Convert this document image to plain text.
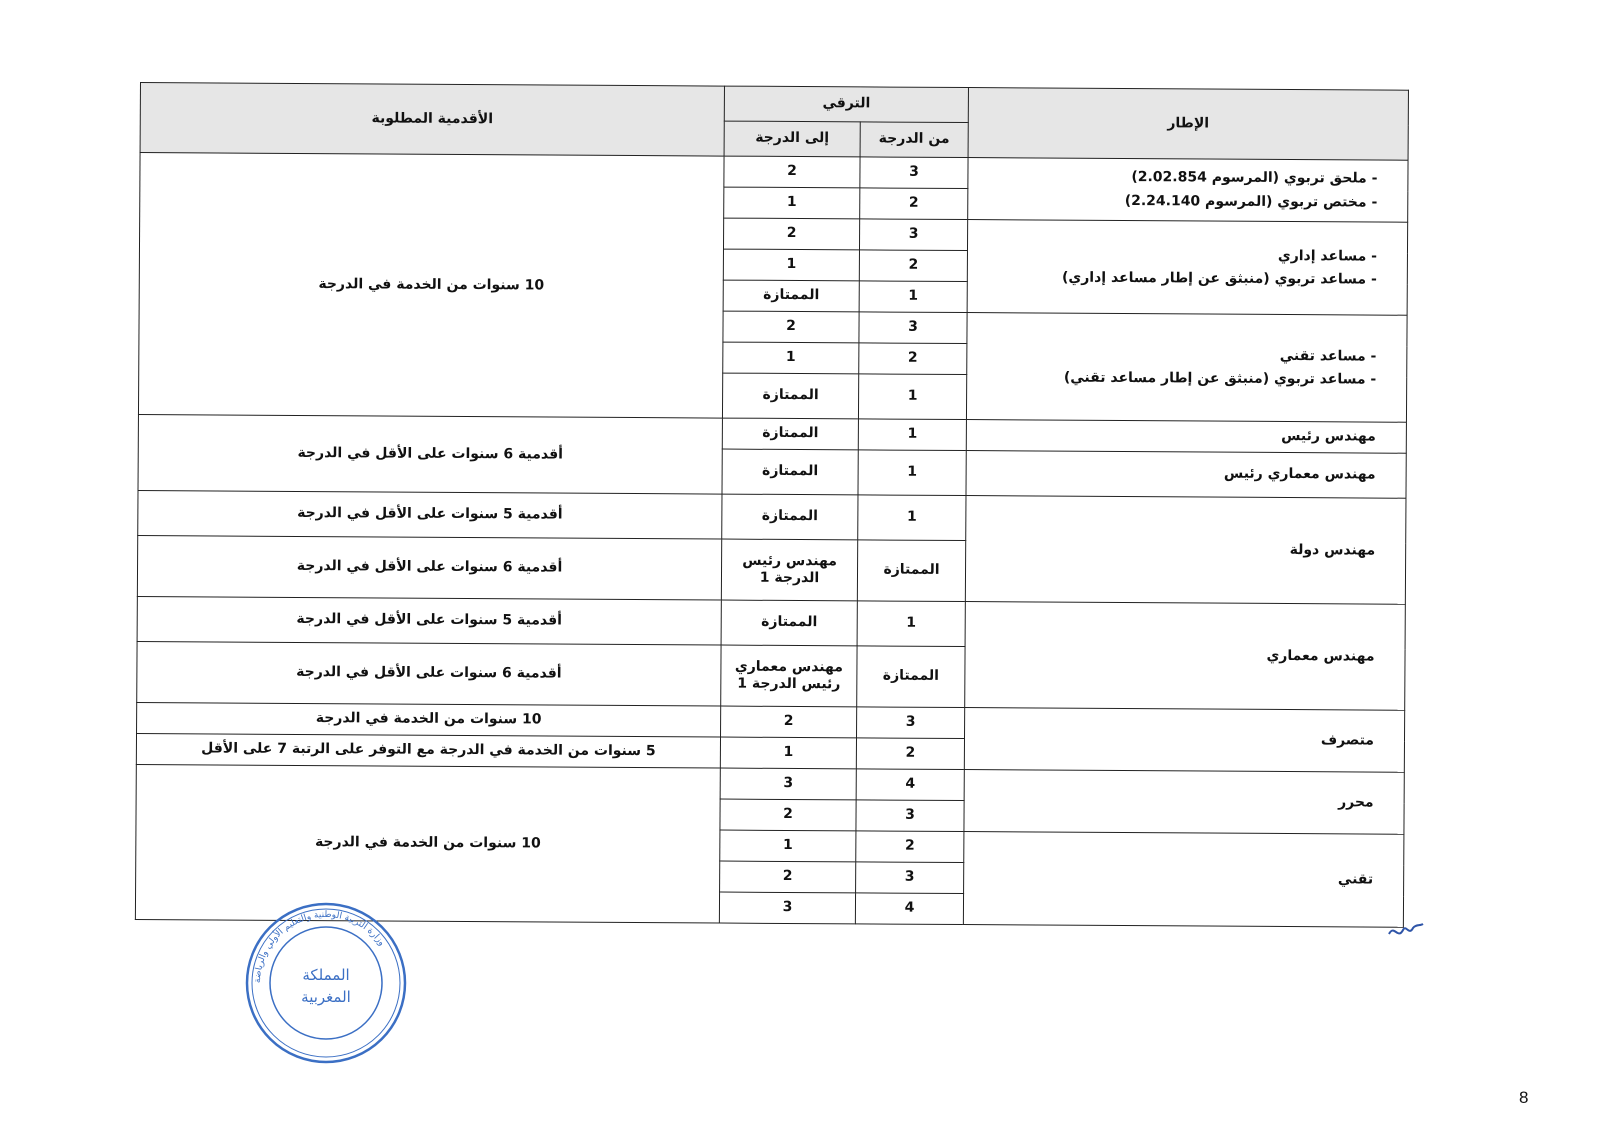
الإطار	الترقي		الأقدمية المطلوبة
	من الدرجة	إلى الدرجة	

- ملحق تربوي (المرسوم 2.02.854)
- مختص تربوي (المرسوم 2.24.140)	3	2	10 سنوات من الخدمة في الدرجة
	2	1	

- مساعد إداري
- مساعد تربوي (منبثق عن إطار مساعد إداري)	3	2	
	2	1	
	1	الممتازة	

- مساعد تقني
- مساعد تربوي (منبثق عن إطار مساعد تقني)	3	2	
	2	1	
	1	الممتازة	
مهندس رئيس	1	الممتازة	أقدمية 6 سنوات على الأقل في الدرجة
مهندس معماري رئيس	1	الممتازة	
مهندس دولة	1	الممتازة	أقدمية 5 سنوات على الأقل في الدرجة
	الممتازة	مهندس رئيس الدرجة 1	أقدمية 6 سنوات على الأقل في الدرجة
مهندس معماري	1	الممتازة	أقدمية 5 سنوات على الأقل في الدرجة
	الممتازة	مهندس معماري رئيس الدرجة 1	أقدمية 6 سنوات على الأقل في الدرجة
متصرف	3	2	10 سنوات من الخدمة في الدرجة
	2	1	5 سنوات من الخدمة في الدرجة مع التوفر على الرتبة 7 على الأقل
محرر	4	3	10 سنوات من الخدمة في الدرجة
	3	2	
تقني	2	1	
	3	2	
	4	3	
وزارة التربية الوطنية والتعليم الأولي والرياضة
المملكة
المغربية
8
